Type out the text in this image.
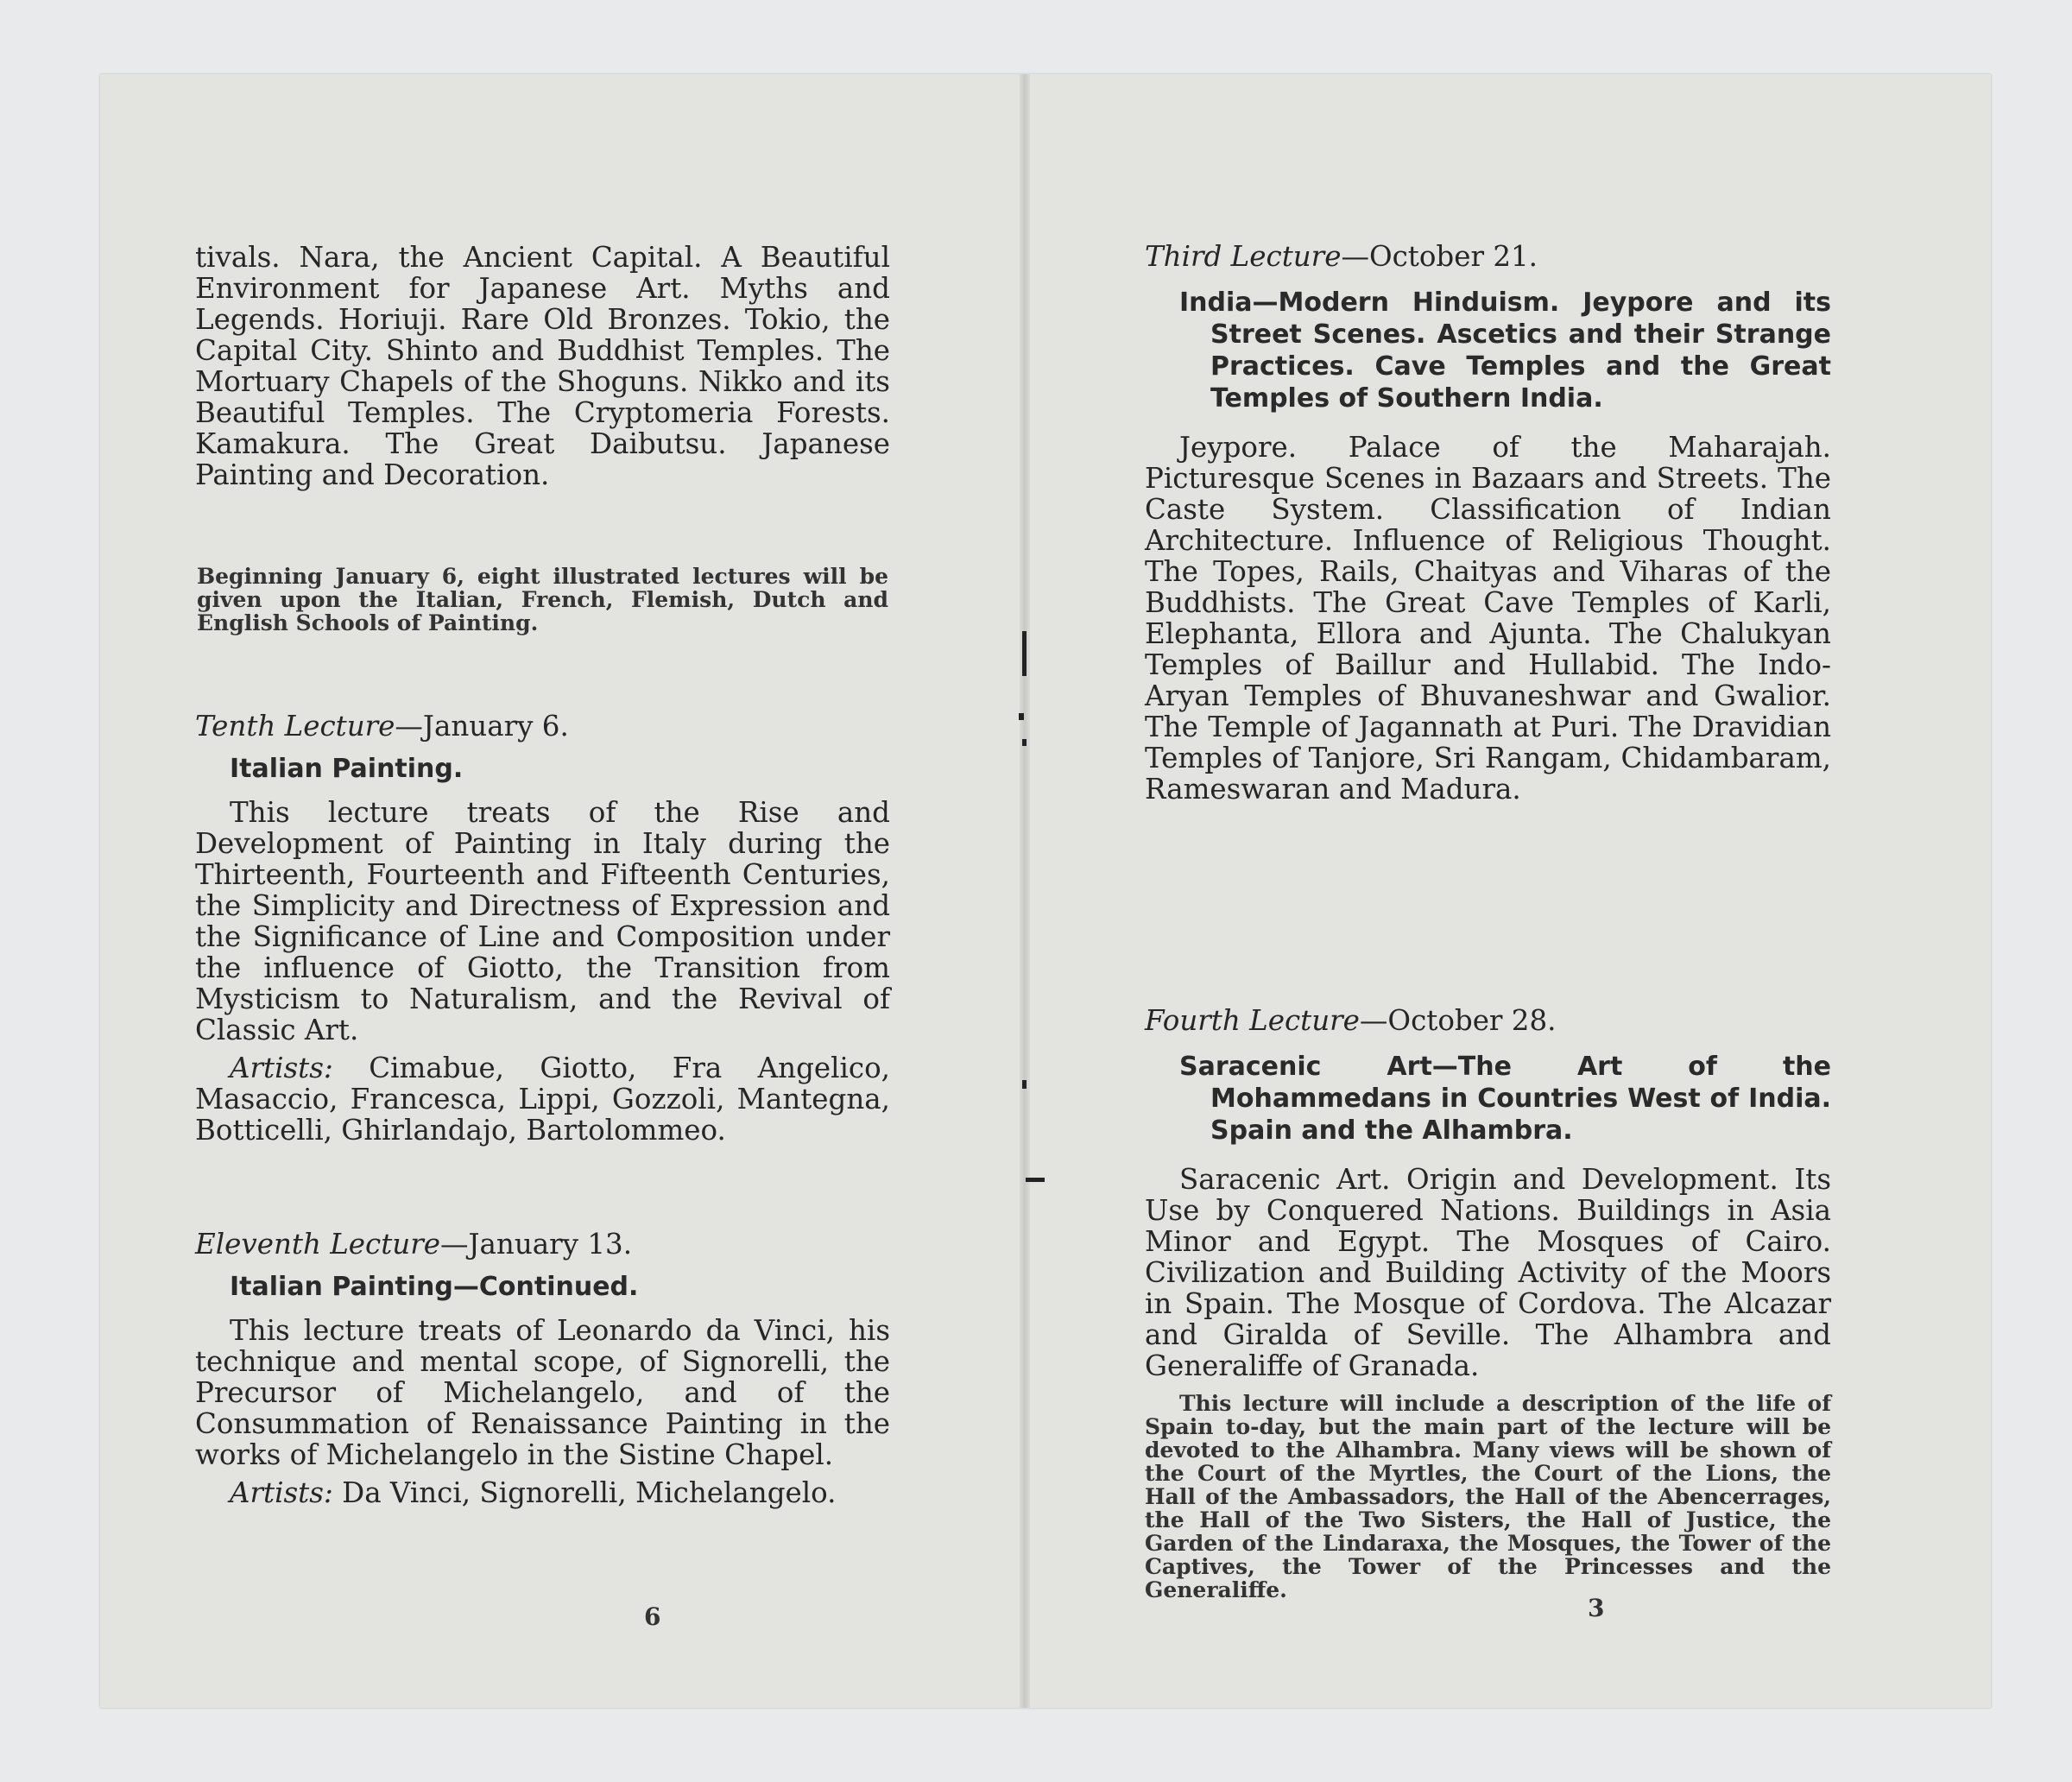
tivals. Nara, the Ancient Capital. A Beautiful Environment for Japanese Art. Myths and Legends. Horiuji. Rare Old Bronzes. Tokio, the Capital City. Shinto and Buddhist Temples. The Mortuary Chapels of the Shoguns. Nikko and its Beautiful Temples. The Cryptomeria Forests. Kamakura. The Great Daibutsu. Japanese Painting and Decoration.

Beginning January 6, eight illustrated lectures will be given upon the Italian, French, Flemish, Dutch and English Schools of Painting.

Tenth Lecture—January 6.

Italian Painting.

This lecture treats of the Rise and Development of Painting in Italy during the Thirteenth, Fourteenth and Fifteenth Centuries, the Simplicity and Directness of Expression and the Significance of Line and Composition under the influence of Giotto, the Transition from Mysticism to Naturalism, and the Revival of Classic Art.

Artists: Cimabue, Giotto, Fra Angelico, Masaccio, Francesca, Lippi, Gozzoli, Mantegna, Botticelli, Ghirlandajo, Bartolommeo.

Eleventh Lecture—January 13.

Italian Painting—Continued.

This lecture treats of Leonardo da Vinci, his technique and mental scope, of Signorelli, the Precursor of Michelangelo, and of the Consummation of Renaissance Painting in the works of Michelangelo in the Sistine Chapel.

Artists: Da Vinci, Signorelli, Michelangelo.

6

Third Lecture—October 21.

India—Modern Hinduism. Jeypore and its Street Scenes. Ascetics and their Strange Practices. Cave Temples and the Great Temples of Southern India.

Jeypore. Palace of the Maharajah. Picturesque Scenes in Bazaars and Streets. The Caste System. Classification of Indian Architecture. Influence of Religious Thought. The Topes, Rails, Chaityas and Viharas of the Buddhists. The Great Cave Temples of Karli, Elephanta, Ellora and Ajunta. The Chalukyan Temples of Baillur and Hullabid. The Indo-Aryan Temples of Bhuvaneshwar and Gwalior. The Temple of Jagannath at Puri. The Dravidian Temples of Tanjore, Sri Rangam, Chidambaram, Rameswaran and Madura.

Fourth Lecture—October 28.

Saracenic Art—The Art of the Mohammedans in Countries West of India. Spain and the Alhambra.

Saracenic Art. Origin and Development. Its Use by Conquered Nations. Buildings in Asia Minor and Egypt. The Mosques of Cairo. Civilization and Building Activity of the Moors in Spain. The Mosque of Cordova. The Alcazar and Giralda of Seville. The Alhambra and Generaliffe of Granada.

This lecture will include a description of the life of Spain to-day, but the main part of the lecture will be devoted to the Alhambra. Many views will be shown of the Court of the Myrtles, the Court of the Lions, the Hall of the Ambassadors, the Hall of the Abencerrages, the Hall of the Two Sisters, the Hall of Justice, the Garden of the Lindaraxa, the Mosques, the Tower of the Captives, the Tower of the Princesses and the Generaliffe.

3
